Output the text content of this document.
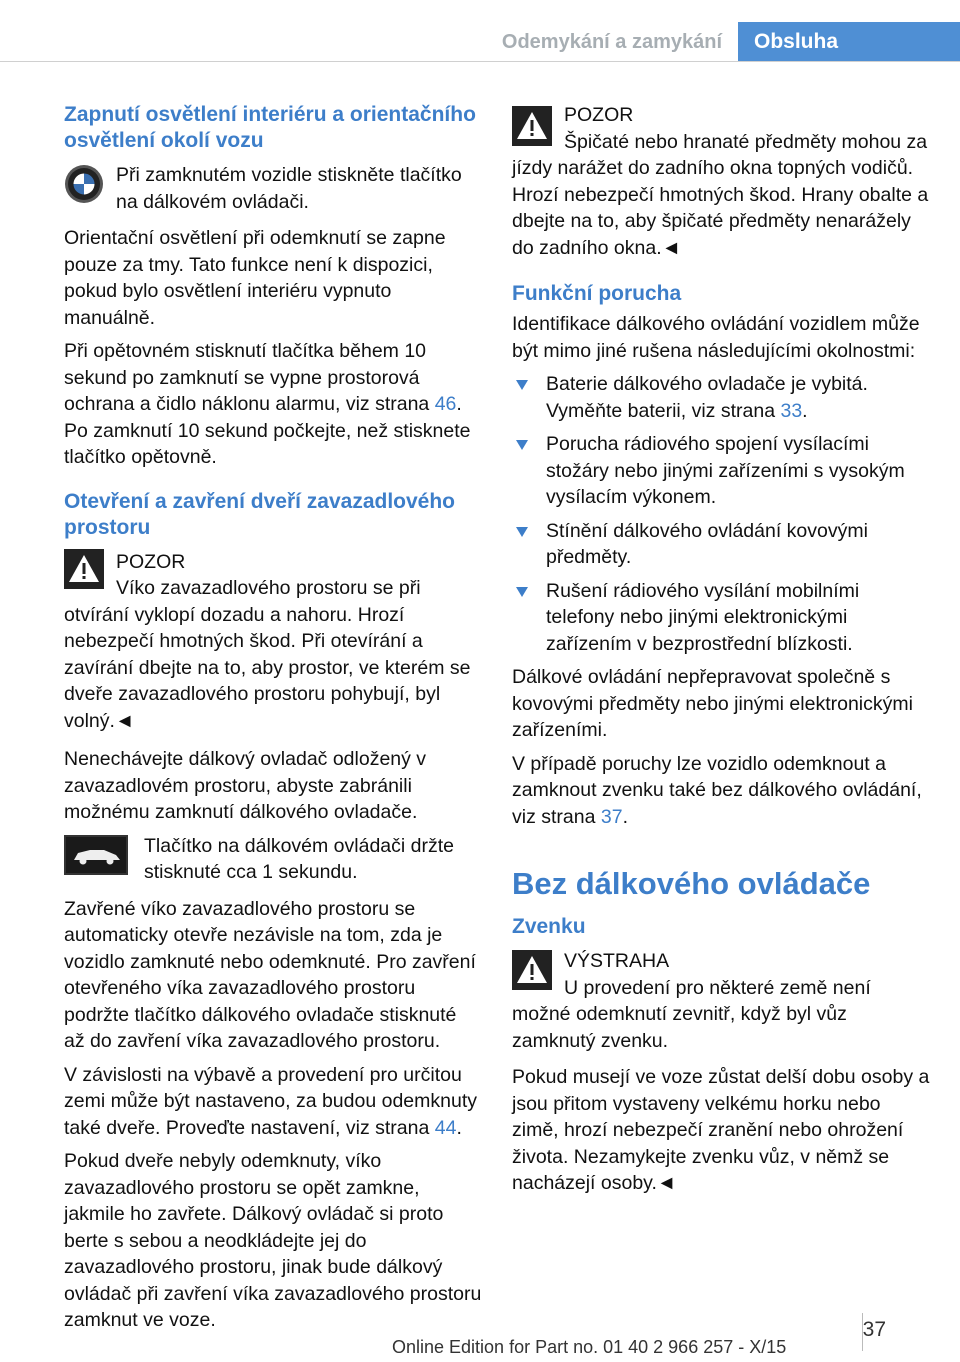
Odemykání a zamykání	Obsluha
Zapnutí osvětlení interiéru a orientačního osvětlení okolí vozu
Při zamknutém vozidle stiskněte tlačítko na dálkovém ovládači.

Orientační osvětlení při odemknutí se zapne pouze za tmy. Tato funkce není k dispozici, pokud bylo osvětlení interiéru vypnuto manuálně.

Při opětovném stisknutí tlačítka během 10 sekund po zamknutí se vypne prostorová ochrana a čidlo náklonu alarmu, viz strana 46. Po zamknutí 10 sekund počkejte, než stisknete tlačítko opětovně.

Otevření a zavření dveří zavazadlového prostoru
POZOR
Víko zavazadlového prostoru se při otvírání vyklopí dozadu a nahoru. Hrozí nebezpečí hmotných škod. Při otevírání a zavírání dbejte na to, aby prostor, ve kterém se dveře zavazadlového prostoru pohybují, byl volný.◄

Nenechávejte dálkový ovladač odložený v zavazadlovém prostoru, abyste zabránili možnému zamknutí dálkového ovladače.

Tlačítko na dálkovém ovládači držte stisknuté cca 1 sekundu.

Zavřené víko zavazadlového prostoru se automaticky otevře nezávisle na tom, zda je vozidlo zamknuté nebo odemknuté. Pro zavření otevřeného víka zavazadlového prostoru podržte tlačítko dálkového ovladače stisknuté až do zavření víka zavazadlového prostoru.

V závislosti na výbavě a provedení pro určitou zemi může být nastaveno, za budou odemknuty také dveře. Proveďte nastavení, viz strana 44.

Pokud dveře nebyly odemknuty, víko zavazadlového prostoru se opět zamkne, jakmile ho zavřete. Dálkový ovládač si proto berte s sebou a neodkládejte jej do zavazadlového prostoru, jinak bude dálkový ovládač při zavření víka zavazadlového prostoru zamknut ve voze.

POZOR
Špičaté nebo hranaté předměty mohou za jízdy narážet do zadního okna topných vodičů. Hrozí nebezpečí hmotných škod. Hrany obalte a dbejte na to, aby špičaté předměty nenarážely do zadního okna.◄
Funkční porucha

Identifikace dálkového ovládání vozidlem může být mimo jiné rušena následujícími okolnostmi:

Baterie dálkového ovladače je vybitá. Vyměňte baterii, viz strana 33.
Porucha rádiového spojení vysílacími stožáry nebo jinými zařízeními s vysokým vysílacím výkonem.
Stínění dálkového ovládání kovovými předměty.
Rušení rádiového vysílání mobilními telefony nebo jinými elektronickými zařízením v bezprostřední blízkosti.

Dálkové ovládání nepřepravovat společně s kovovými předměty nebo jinými elektronickými zařízeními.

V případě poruchy lze vozidlo odemknout a zamknout zvenku také bez dálkového ovládání, viz strana 37.

Bez dálkového ovládače
Zvenku
VÝSTRAHA
U provedení pro některé země není možné odemknutí zevnitř, když byl vůz zamknutý zvenku.

Pokud musejí ve voze zůstat delší dobu osoby a jsou přitom vystaveny velkému horku nebo zimě, hrozí nebezpečí zranění nebo ohrožení života. Nezamykejte zvenku vůz, v němž se nacházejí osoby.◄

37
Online Edition for Part no. 01 40 2 966 257 - X/15
